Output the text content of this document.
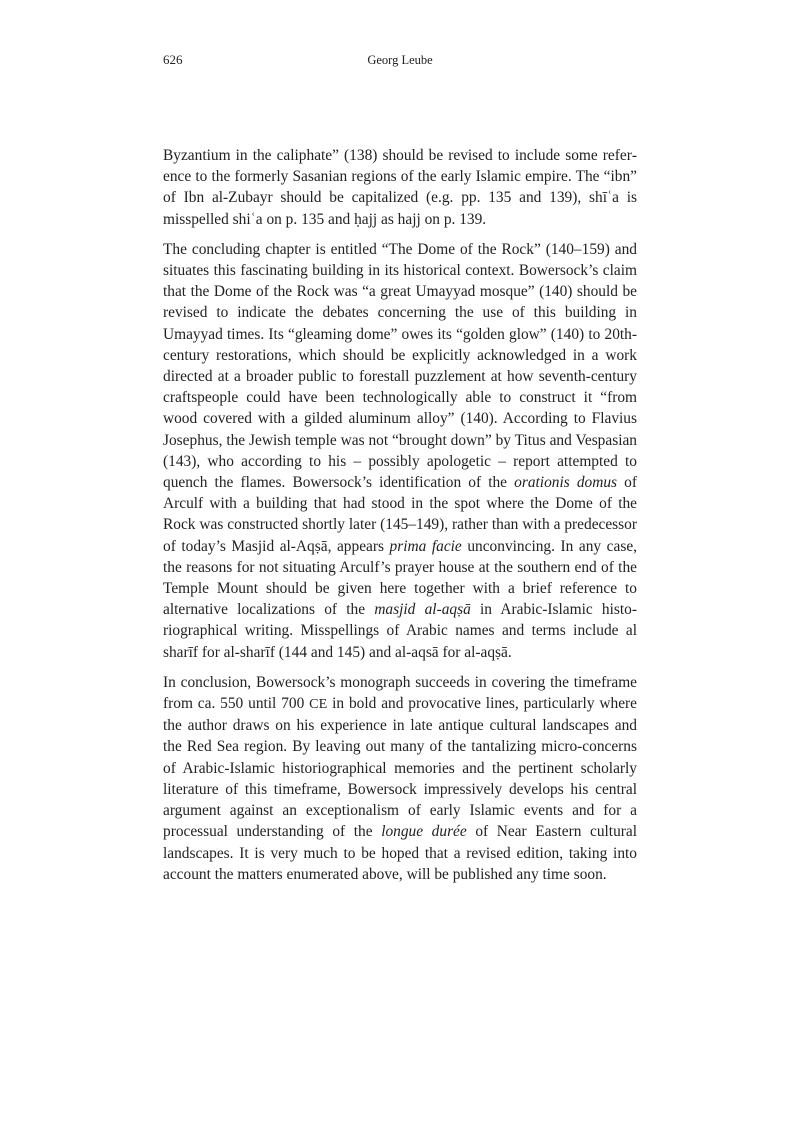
626	Georg Leube

Byzantium in the caliphate” (138) should be revised to include some reference to the formerly Sasanian regions of the early Islamic empire. The “ibn” of Ibn al-Zubayr should be capitalized (e.g. pp. 135 and 139), shīʿa is misspelled shiʿa on p. 135 and ḥajj as hajj on p. 139.

The concluding chapter is entitled “The Dome of the Rock” (140–159) and situates this fascinating building in its historical context. Bowersock’s claim that the Dome of the Rock was “a great Umayyad mosque” (140) should be revised to indicate the debates concerning the use of this building in Umayyad times. Its “gleaming dome” owes its “golden glow” (140) to 20th-century restorations, which should be explicitly acknowledged in a work directed at a broader public to forestall puzzlement at how seventh-century craftspeople could have been technologically able to construct it “from wood covered with a gilded aluminum alloy” (140). According to Flavius Josephus, the Jewish temple was not “brought down” by Titus and Vespasian (143), who according to his – possibly apologetic – report attempted to quench the flames. Bowersock’s identification of the orationis domus of Arculf with a building that had stood in the spot where the Dome of the Rock was constructed shortly later (145–149), rather than with a predecessor of today’s Masjid al-Aqṣā, appears prima facie unconvincing. In any case, the reasons for not situating Arculf’s prayer house at the southern end of the Temple Mount should be given here together with a brief reference to alternative localizations of the masjid al-aqṣā in Arabic-Islamic historiographical writing. Misspellings of Arabic names and terms include al sharīf for al-sharīf (144 and 145) and al-aqsā for al-aqṣā.

In conclusion, Bowersock’s monograph succeeds in covering the timeframe from ca. 550 until 700 CE in bold and provocative lines, particularly where the author draws on his experience in late antique cultural landscapes and the Red Sea region. By leaving out many of the tantalizing micro-concerns of Arabic-Islamic historiographical memories and the pertinent scholarly literature of this timeframe, Bowersock impressively develops his central argument against an exceptionalism of early Islamic events and for a processual understanding of the longue durée of Near Eastern cultural landscapes. It is very much to be hoped that a revised edition, taking into account the matters enumerated above, will be published any time soon.
